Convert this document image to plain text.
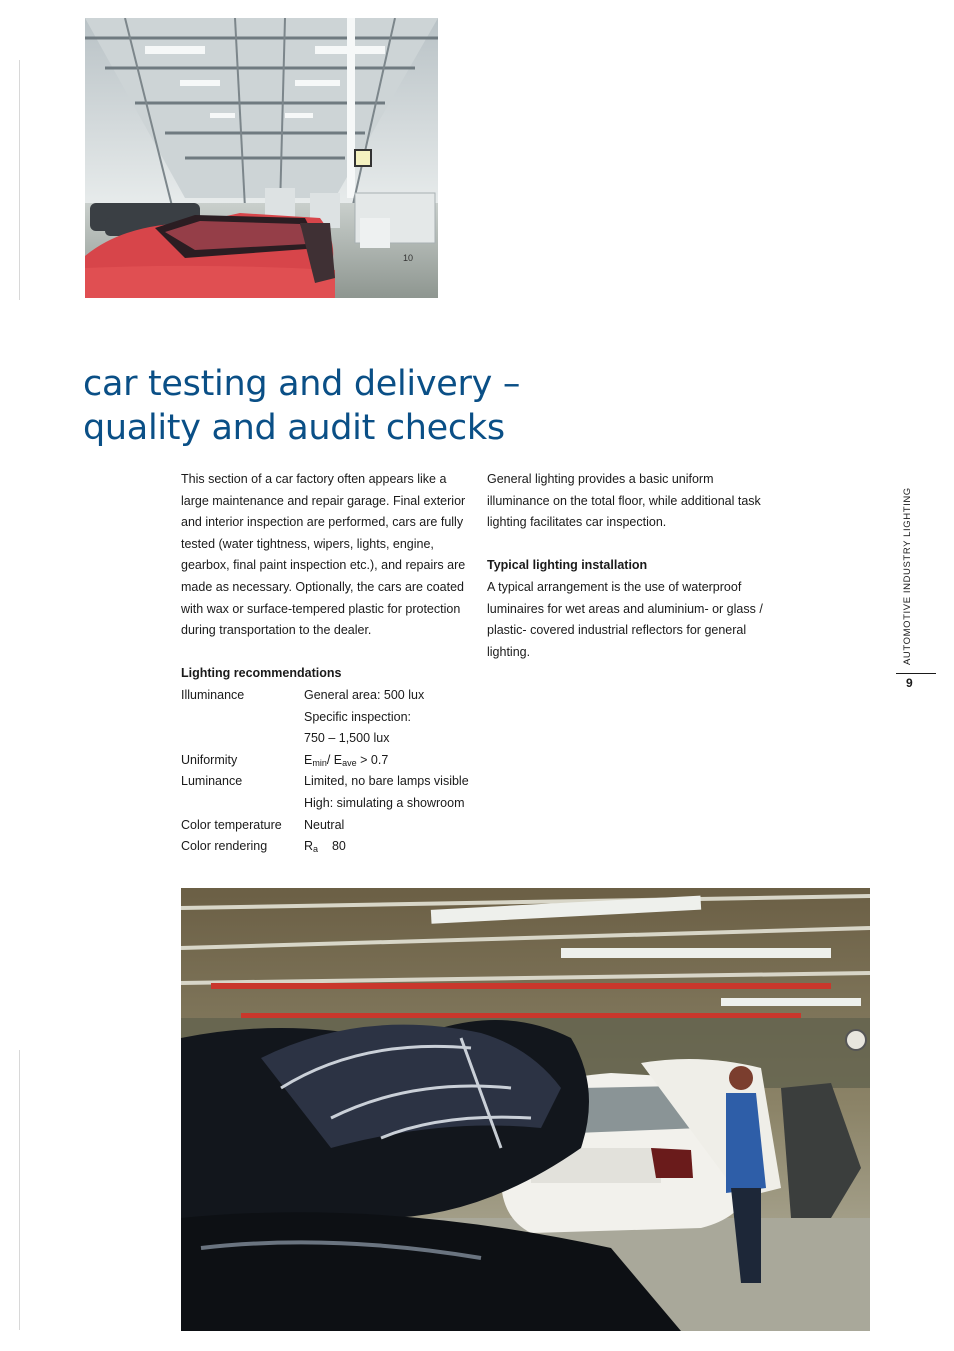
10
car testing and delivery –
quality and audit checks

This section of a car factory often appears like a large maintenance and repair garage. Final exterior and interior inspection are performed, cars are fully tested (water tightness, wipers, lights, engine, gearbox, final paint inspection etc.), and repairs are made as necessary. Optionally, the cars are coated with wax or surface-tempered plastic for protection during transportation to the dealer.

Lighting recommendations

Illuminance	General area: 500 lux
Specific inspection:
750 – 1,500 lux
Uniformity	$E_{min}/$ $E_{ave} > 0.7$
Luminance	Limited, no bare lamps visible
High: simulating a showroom
Color temperature	Neutral
Color rendering	$R_a$    80

General lighting provides a basic uniform illuminance on the total floor, while additional task lighting facilitates car inspection.

Typical lighting installation

A typical arrangement is the use of waterproof luminaires for wet areas and aluminium- or glass / plastic- covered industrial reflectors for general lighting.	AUTOMOTIVE INDUSTRY LIGHTING
9
